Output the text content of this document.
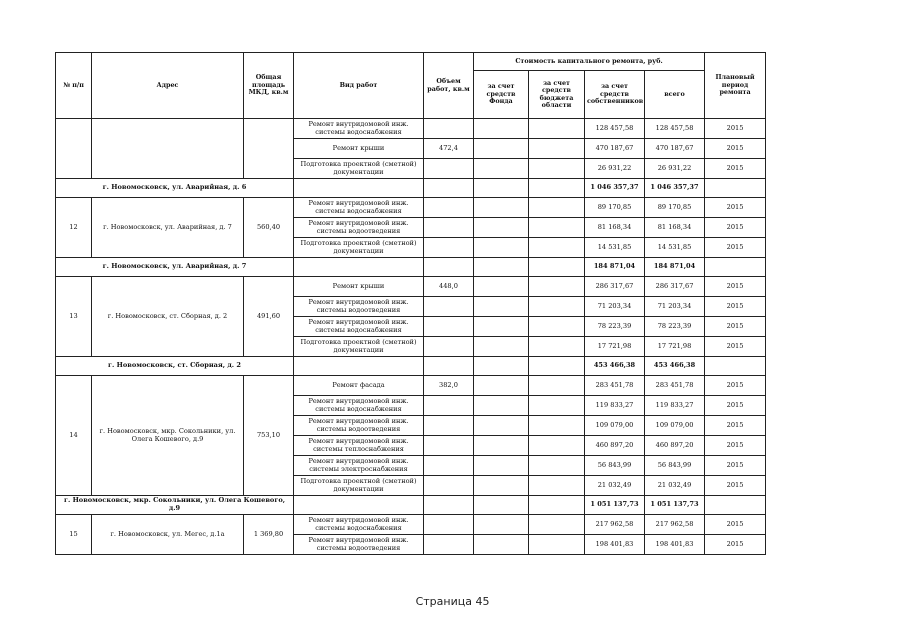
№ п/п	Адрес	Общая площадь МКД, кв.м	Вид работ	Объем работ, кв.м	Стоимость капитального ремонта, руб.				Плановый период ремонта
					за счет средств Фонда	за счет средств бюджета области	за счет средств собственников	всего	
			Ремонт внутридомовой инж. системы водоснабжения				128 457,58	128 457,58	2015
			Ремонт крыши	472,4			470 187,67	470 187,67	2015
			Подготовка проектной (сметной) документации				26 931,22	26 931,22	2015
г. Новомосковск, ул. Аварийная, д. 6							1 046 357,37	1 046 357,37	
12	г. Новомосковск, ул. Аварийная, д. 7	560,40	Ремонт внутридомовой инж. системы водоснабжения				89 170,85	89 170,85	2015
			Ремонт внутридомовой инж. системы водоотведения				81 168,34	81 168,34	2015
			Подготовка проектной (сметной) документации				14 531,85	14 531,85	2015
г. Новомосковск, ул. Аварийная, д. 7							184 871,04	184 871,04	
13	г. Новомосковск, ст. Сборная, д. 2	491,60	Ремонт крыши	448,0			286 317,67	286 317,67	2015
			Ремонт внутридомовой инж. системы водоотведения				71 203,34	71 203,34	2015
			Ремонт внутридомовой инж. системы водоснабжения				78 223,39	78 223,39	2015
			Подготовка проектной (сметной) документации				17 721,98	17 721,98	2015
г. Новомосковск, ст. Сборная, д. 2							453 466,38	453 466,38	
14	г. Новомосковск, мкр. Сокольники, ул. Олега Кошевого, д.9	753,10	Ремонт фасада	382,0			283 451,78	283 451,78	2015
			Ремонт внутридомовой инж. системы водоснабжения				119 833,27	119 833,27	2015
			Ремонт внутридомовой инж. системы водоотведения				109 079,00	109 079,00	2015
			Ремонт внутридомовой инж. системы теплоснабжения				460 897,20	460 897,20	2015
			Ремонт внутридомовой инж. системы электроснабжения				56 843,99	56 843,99	2015
			Подготовка проектной (сметной) документации				21 032,49	21 032,49	2015
г. Новомосковск, мкр. Сокольники, ул. Олега Кошевого, д.9							1 051 137,73	1 051 137,73	
15	г. Новомосковск, ул. Мегес, д.1а	1 369,80	Ремонт внутридомовой инж. системы водоснабжения				217 962,58	217 962,58	2015
			Ремонт внутридомовой инж. системы водоотведения				198 401,83	198 401,83	2015
Страница 45
